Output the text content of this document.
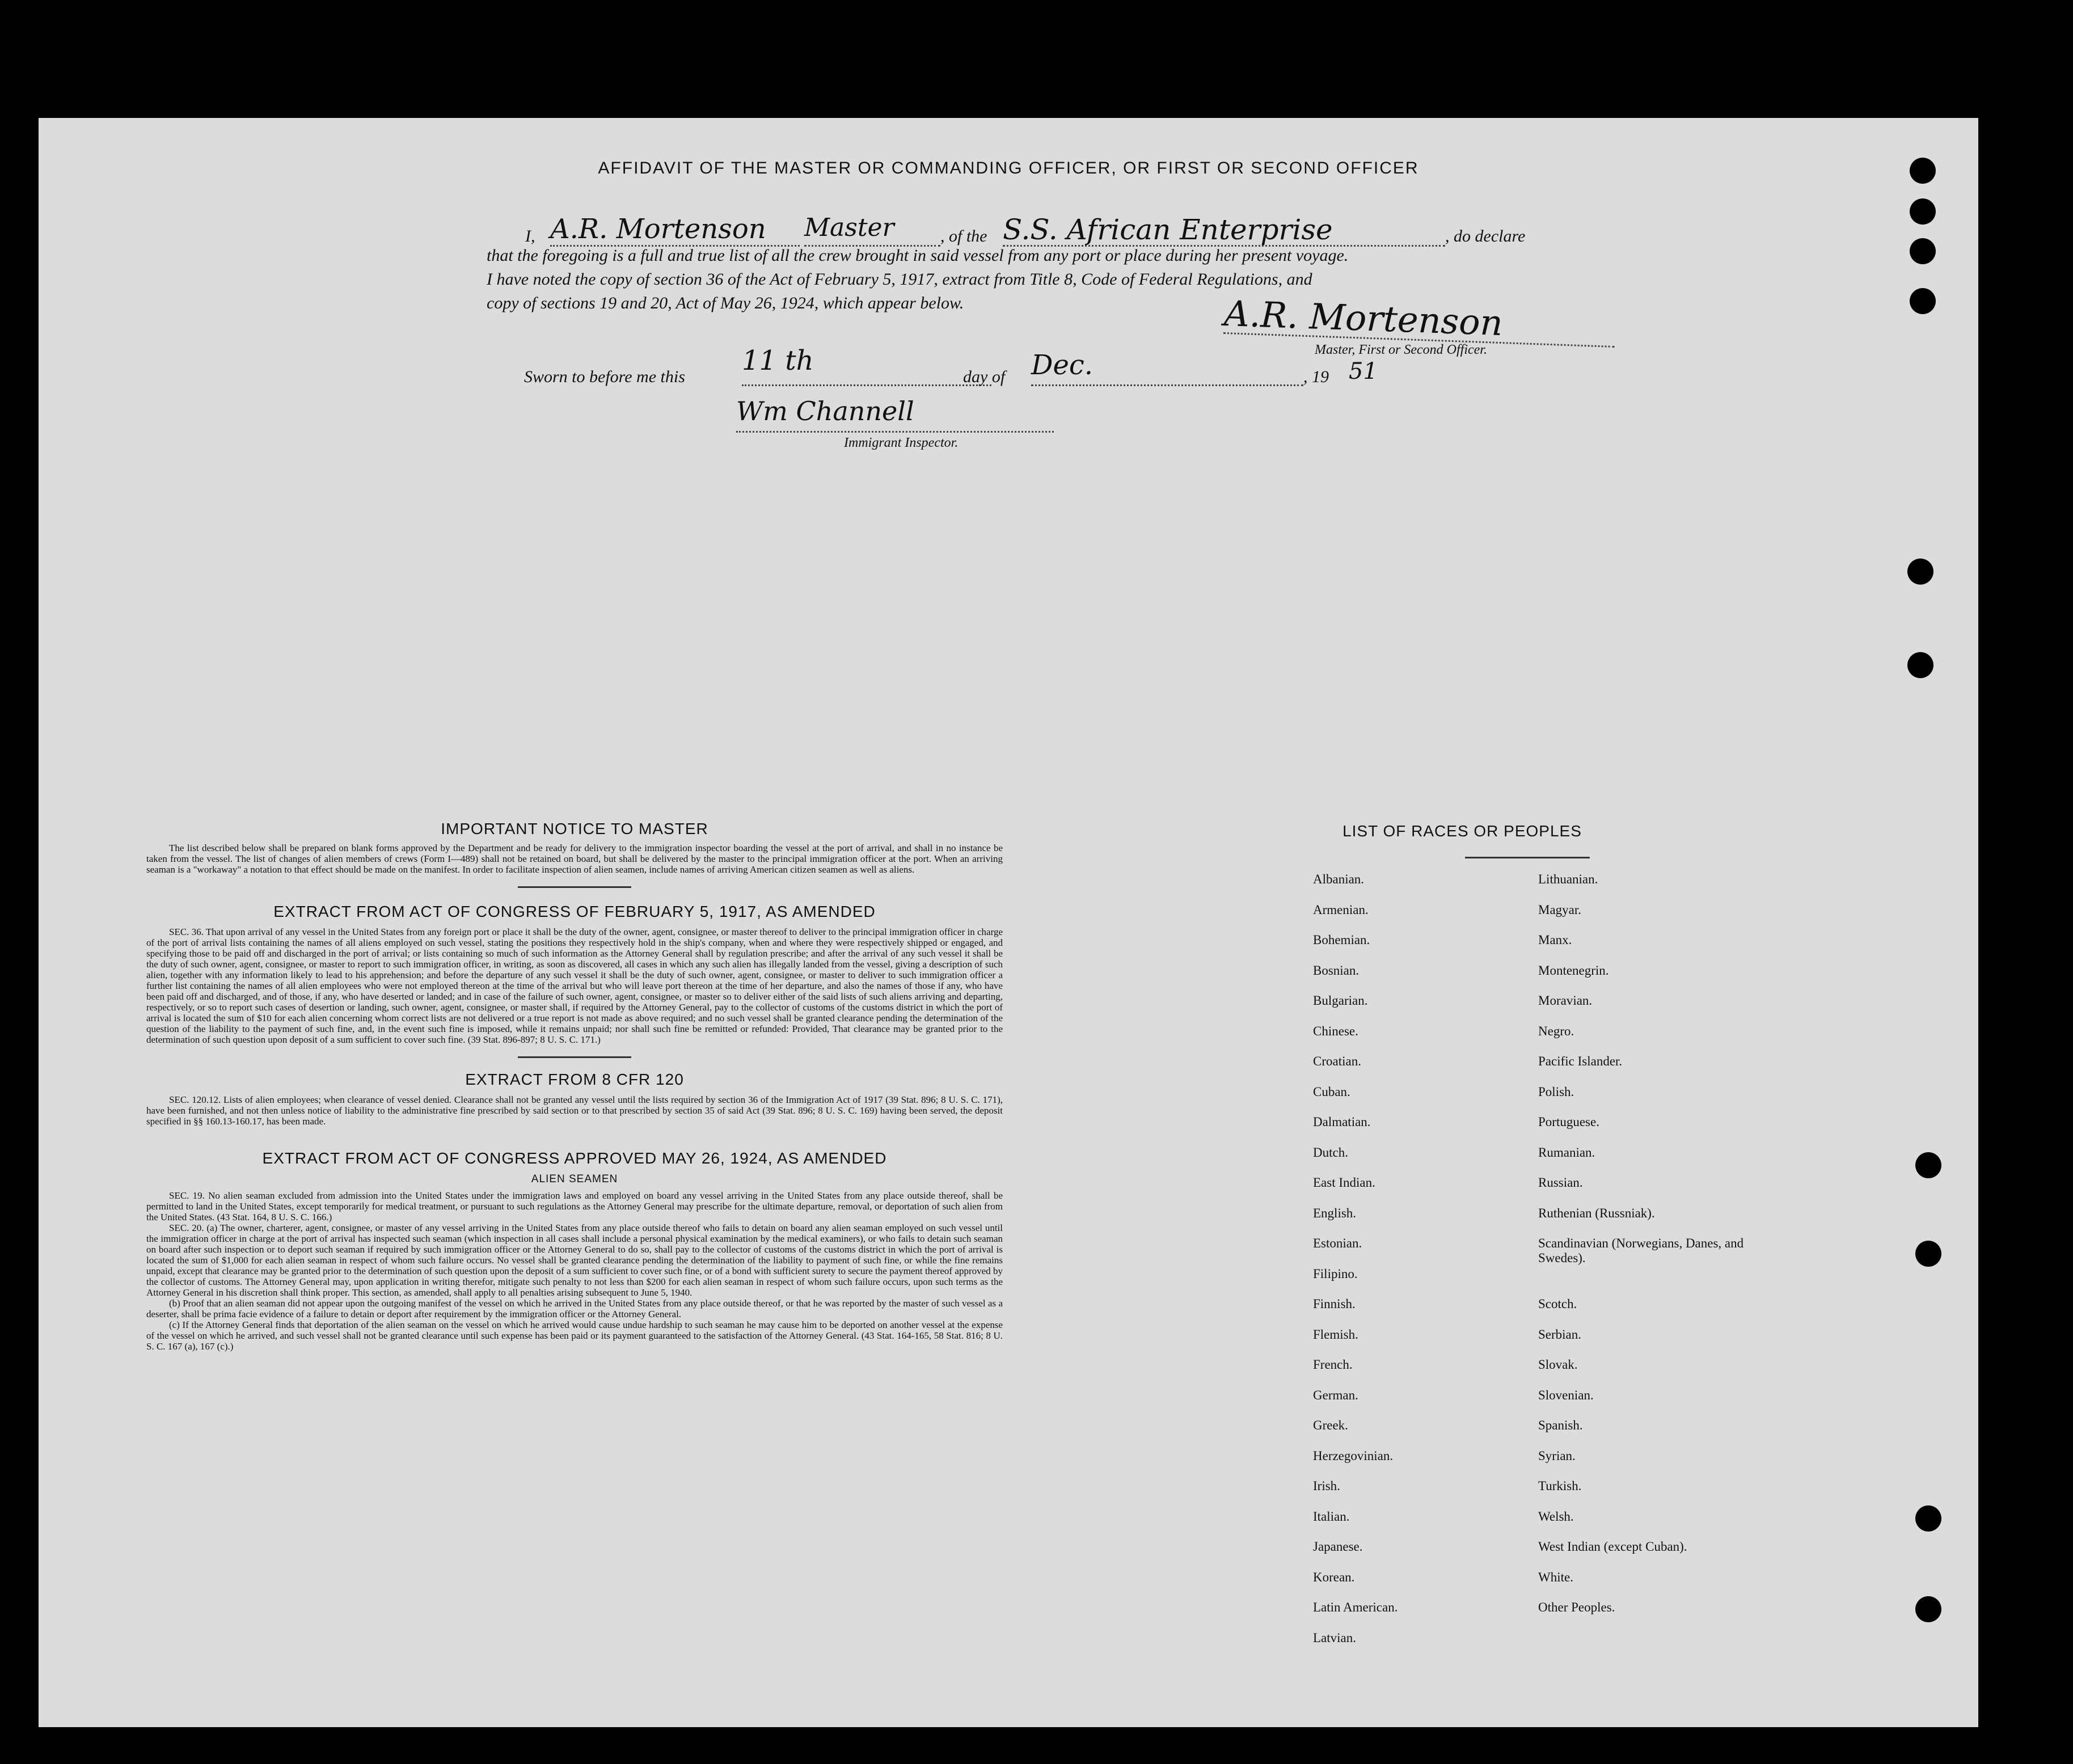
AFFIDAVIT OF THE MASTER OR COMMANDING OFFICER, OR FIRST OR SECOND OFFICER
I, A.R. Mortenson	Master	, of the S.S. African Enterprise	, do declare
that the foregoing is a full and true list of all the crew brought in said vessel from any port or place during her present voyage.
I have noted the copy of section 36 of the Act of February 5, 1917, extract from Title 8, Code of Federal Regulations, and
copy of sections 19 and 20, Act of May 26, 1924, which appear below.	A.R. Mortenson
Master, First or Second Officer.
Sworn to before me this
11 th
day of Dec.	, 19 51
Wm Channell
Immigrant Inspector.
IMPORTANT NOTICE TO MASTER
The list described below shall be prepared on blank forms approved by the Department and be ready for delivery to the immigration inspector boarding the vessel at the port of arrival, and shall in no instance be taken from the vessel. The list of changes of alien members of crews (Form I—489) shall not be retained on board, but shall be delivered by the master to the principal immigration officer at the port. When an arriving seaman is a "workaway" a notation to that effect should be made on the manifest. In order to facilitate inspection of alien seamen, include names of arriving American citizen seamen as well as aliens.
EXTRACT FROM ACT OF CONGRESS OF FEBRUARY 5, 1917, AS AMENDED
SEC. 36. That upon arrival of any vessel in the United States from any foreign port or place it shall be the duty of the owner, agent, consignee, or master thereof to deliver to the principal immigration officer in charge of the port of arrival lists containing the names of all aliens employed on such vessel, stating the positions they respectively hold in the ship's company, when and where they were respectively shipped or engaged, and specifying those to be paid off and discharged in the port of arrival; or lists containing so much of such information as the Attorney General shall by regulation prescribe; and after the arrival of any such vessel it shall be the duty of such owner, agent, consignee, or master to report to such immigration officer, in writing, as soon as discovered, all cases in which any such alien has illegally landed from the vessel, giving a description of such alien, together with any information likely to lead to his apprehension; and before the departure of any such vessel it shall be the duty of such owner, agent, consignee, or master to deliver to such immigration officer a further list containing the names of all alien employees who were not employed thereon at the time of the arrival but who will leave port thereon at the time of her departure, and also the names of those if any, who have been paid off and discharged, and of those, if any, who have deserted or landed; and in case of the failure of such owner, agent, consignee, or master so to deliver either of the said lists of such aliens arriving and departing, respectively, or so to report such cases of desertion or landing, such owner, agent, consignee, or master shall, if required by the Attorney General, pay to the collector of customs of the customs district in which the port of arrival is located the sum of $10 for each alien concerning whom correct lists are not delivered or a true report is not made as above required; and no such vessel shall be granted clearance pending the determination of the question of the liability to the payment of such fine, and, in the event such fine is imposed, while it remains unpaid; nor shall such fine be remitted or refunded: Provided, That clearance may be granted prior to the determination of such question upon deposit of a sum sufficient to cover such fine. (39 Stat. 896-897; 8 U. S. C. 171.)
EXTRACT FROM 8 CFR 120
SEC. 120.12. Lists of alien employees; when clearance of vessel denied. Clearance shall not be granted any vessel until the lists required by section 36 of the Immigration Act of 1917 (39 Stat. 896; 8 U. S. C. 171), have been furnished, and not then unless notice of liability to the administrative fine prescribed by said section or to that prescribed by section 35 of said Act (39 Stat. 896; 8 U. S. C. 169) having been served, the deposit specified in §§ 160.13-160.17, has been made.
EXTRACT FROM ACT OF CONGRESS APPROVED MAY 26, 1924, AS AMENDED
ALIEN SEAMEN
SEC. 19. No alien seaman excluded from admission into the United States under the immigration laws and employed on board any vessel arriving in the United States from any place outside thereof, shall be permitted to land in the United States, except temporarily for medical treatment, or pursuant to such regulations as the Attorney General may prescribe for the ultimate departure, removal, or deportation of such alien from the United States. (43 Stat. 164, 8 U. S. C. 166.)
SEC. 20. (a) The owner, charterer, agent, consignee, or master of any vessel arriving in the United States from any place outside thereof who fails to detain on board any alien seaman employed on such vessel until the immigration officer in charge at the port of arrival has inspected such seaman (which inspection in all cases shall include a personal physical examination by the medical examiners), or who fails to detain such seaman on board after such inspection or to deport such seaman if required by such immigration officer or the Attorney General to do so, shall pay to the collector of customs of the customs district in which the port of arrival is located the sum of $1,000 for each alien seaman in respect of whom such failure occurs. No vessel shall be granted clearance pending the determination of the liability to payment of such fine, or while the fine remains unpaid, except that clearance may be granted prior to the determination of such question upon the deposit of a sum sufficient to cover such fine, or of a bond with sufficient surety to secure the payment thereof approved by the collector of customs. The Attorney General may, upon application in writing therefor, mitigate such penalty to not less than $200 for each alien seaman in respect of whom such failure occurs, upon such terms as the Attorney General in his discretion shall think proper. This section, as amended, shall apply to all penalties arising subsequent to June 5, 1940.
(b) Proof that an alien seaman did not appear upon the outgoing manifest of the vessel on which he arrived in the United States from any place outside thereof, or that he was reported by the master of such vessel as a deserter, shall be prima facie evidence of a failure to detain or deport after requirement by the immigration officer or the Attorney General.
(c) If the Attorney General finds that deportation of the alien seaman on the vessel on which he arrived would cause undue hardship to such seaman he may cause him to be deported on another vessel at the expense of the vessel on which he arrived, and such vessel shall not be granted clearance until such expense has been paid or its payment guaranteed to the satisfaction of the Attorney General. (43 Stat. 164-165, 58 Stat. 816; 8 U. S. C. 167 (a), 167 (c).)
LIST OF RACES OR PEOPLES
Albanian.
Armenian.
Bohemian.
Bosnian.
Bulgarian.
Chinese.
Croatian.
Cuban.
Dalmatian.
Dutch.
East Indian.
English.
Estonian.
Filipino.
Finnish.
Flemish.
French.
German.
Greek.
Herzegovinian.
Irish.
Italian.
Japanese.
Korean.
Latin American.
Latvian.
Lithuanian.
Magyar.
Manx.
Montenegrin.
Moravian.
Negro.
Pacific Islander.
Polish.
Portuguese.
Rumanian.
Russian.
Ruthenian (Russniak).
Scandinavian (Norwegians, Danes, and Swedes).
Scotch.
Serbian.
Slovak.
Slovenian.
Spanish.
Syrian.
Turkish.
Welsh.
West Indian (except Cuban).
White.
Other Peoples.
